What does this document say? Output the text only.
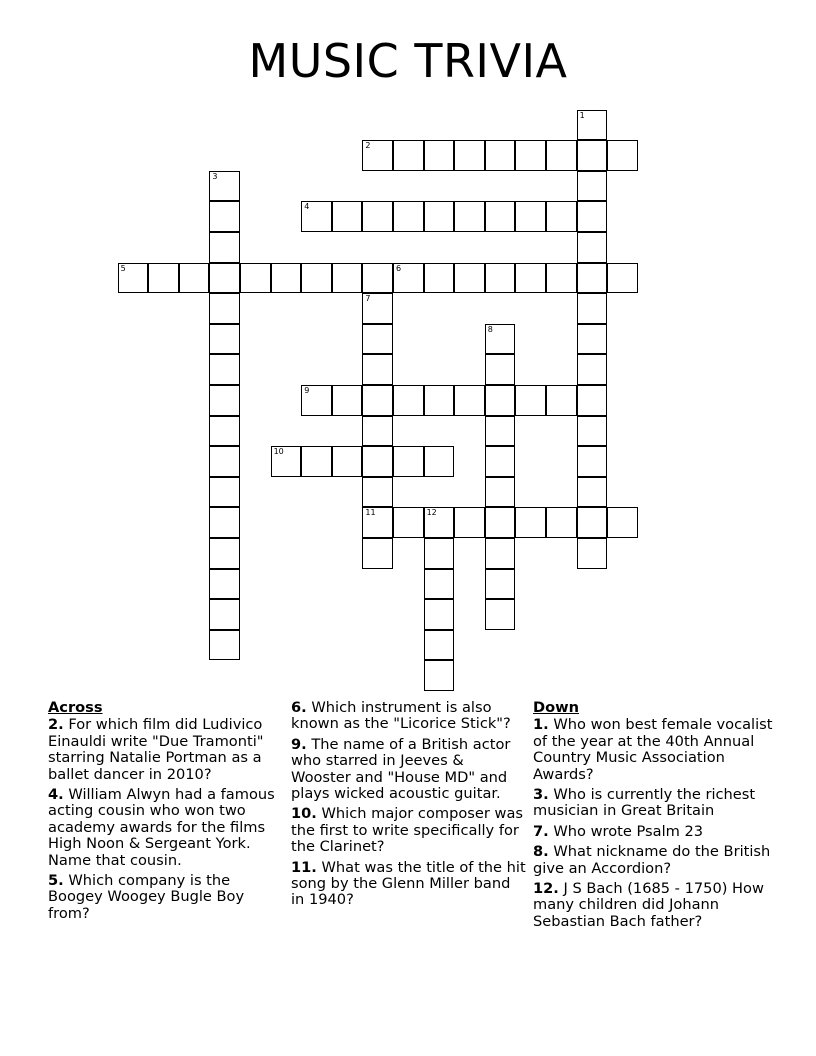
MUSIC TRIVIA
1
2
3
4
5	6
7
11
8
9
10
12
Across
2. For which film did Ludivico Einauldi write "Due Tramonti" starring Natalie Portman as a ballet dancer in 2010?
4. William Alwyn had a famous acting cousin who won two academy awards for the films High Noon & Sergeant York. Name that cousin.
5. Which company is the Boogey Woogey Bugle Boy from?
6. Which instrument is also known as the "Licorice Stick"?
9. The name of a British actor who starred in Jeeves & Wooster and "House MD" and plays wicked acoustic guitar.
10. Which major composer was the first to write specifically for the Clarinet?
11. What was the title of the hit song by the Glenn Miller band in 1940?
Down
1. Who won best female vocalist of the year at the 40th Annual Country Music Association Awards?
3. Who is currently the richest musician in Great Britain
7. Who wrote Psalm 23
8. What nickname do the British give an Accordion?
12. J S Bach (1685 - 1750) How many children did Johann Sebastian Bach father?
